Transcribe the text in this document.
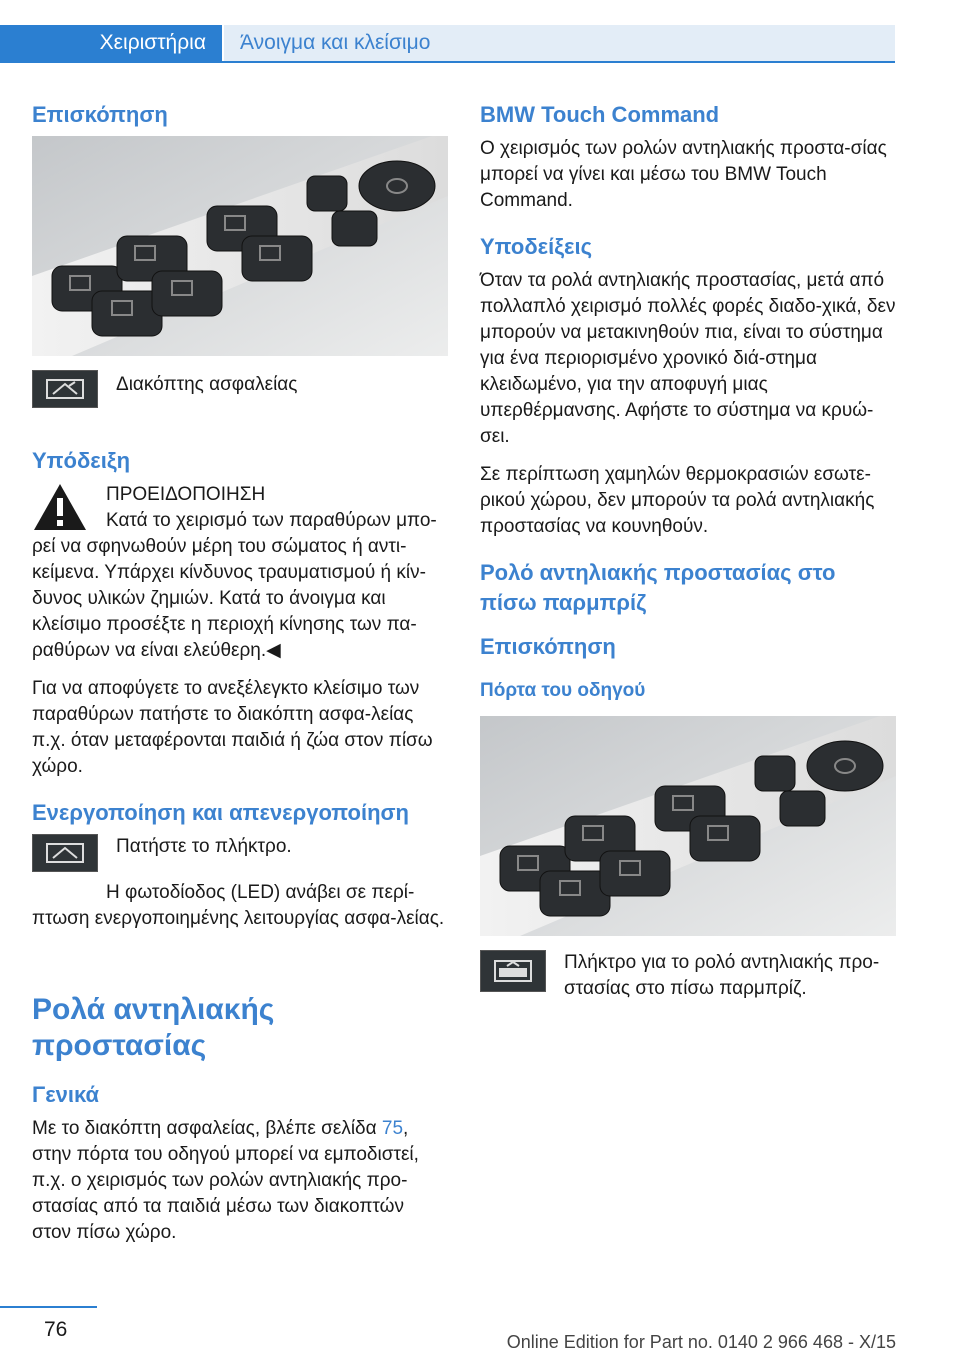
Χειριστήρια	Άνοιγμα και κλείσιμο
Επισκόπηση

Διακόπτης ασφαλείας

Υπόδειξη

ΠΡΟΕΙΔΟΠΟΙΗΣΗ

Κατά το χειρισμό των παραθύρων μπο-ρεί να σφηνωθούν μέρη του σώματος ή αντι-κείμενα. Υπάρχει κίνδυνος τραυματισμού ή κίν-δυνος υλικών ζημιών. Κατά το άνοιγμα και κλείσιμο προσέξτε η περιοχή κίνησης των πα-ραθύρων να είναι ελεύθερη.◀

Για να αποφύγετε το ανεξέλεγκτο κλείσιμο των παραθύρων πατήστε το διακόπτη ασφα-λείας π.χ. όταν μεταφέρονται παιδιά ή ζώα στον πίσω χώρο.

Ενεργοποίηση και απενεργοποίηση

Πατήστε το πλήκτρο.

Η φωτοδίοδος (LED) ανάβει σε περί-πτωση ενεργοποιημένης λειτουργίας ασφα-λείας.

Ρολά αντηλιακής προστασίας
Γενικά

Με το διακόπτη ασφαλείας, βλέπε σελίδα 75, στην πόρτα του οδηγού μπορεί να εμποδιστεί, π.χ. ο χειρισμός των ρολών αντηλιακής προ-στασίας από τα παιδιά μέσω των διακοπτών στον πίσω χώρο.

BMW Touch Command

Ο χειρισμός των ρολών αντηλιακής προστα-σίας μπορεί να γίνει και μέσω του BMW Touch Command.

Υποδείξεις

Όταν τα ρολά αντηλιακής προστασίας, μετά από πολλαπλό χειρισμό πολλές φορές διαδο-χικά, δεν μπορούν να μετακινηθούν πια, είναι το σύστημα για ένα περιορισμένο χρονικό διά-στημα κλειδωμένο, για την αποφυγή μιας υπερθέρμανσης. Αφήστε το σύστημα να κρυώ-σει.

Σε περίπτωση χαμηλών θερμοκρασιών εσωτε-ρικού χώρου, δεν μπορούν τα ρολά αντηλιακής προστασίας να κουνηθούν.

Ρολό αντηλιακής προστασίας στο πίσω παρμπρίζ
Επισκόπηση
Πόρτα του οδηγού

Πλήκτρο για το ρολό αντηλιακής προ-στασίας στο πίσω παρμπρίζ.

76
Online Edition for Part no. 0140 2 966 468 - X/15
